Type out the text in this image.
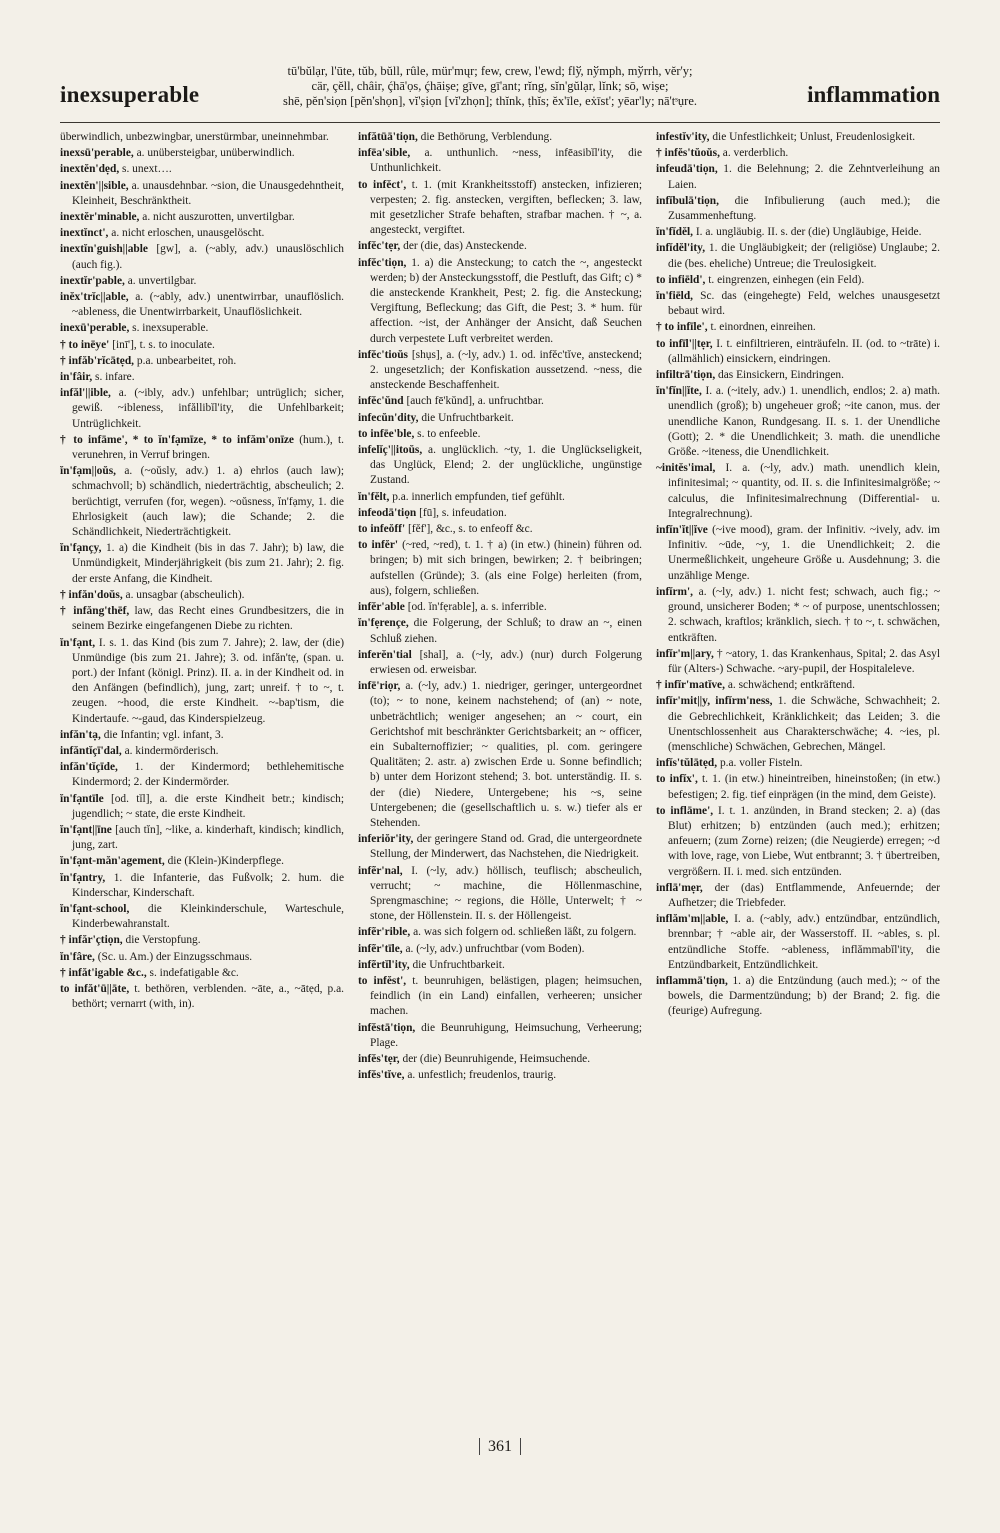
inexsuperable
tū'bŭlạr, l'ūte, tŭb, bŭll, rûle, mür'mųr; few, crew, l'ewd; flў, nўmph, mўrrh, vĕr'y;
cär, çĕll, châir, ḉhā'ọs, ḉhāiṣe; gīve, gī'ant; rĭng, sĭn'gŭlạr, lĭnk; sō, wiṣe;
shē, pĕn'siọn [pĕn'shọn], vĭ'ṣiọn [vĭ'zhọn]; thĭnk, ṭhĭs; ĕx'īle, eẋīst'; yēar'ly; nā'tˢụre.	inflammation

überwindlich, unbezwingbar, unerstürmbar, uneinnehmbar.

inexsū'perable, a. unübersteigbar, unüberwindlich.

inextĕn'dẹd, s. unext….

inextĕn'||sible, a. unausdehnbar. ~sion, die Unausgedehntheit, Kleinheit, Beschränktheit.

inextĕr'minable, a. nicht auszurotten, unvertilgbar.

inextĭnct', a. nicht erloschen, unausgelöscht.

inextĭn'guish||able [gw], a. (~ably, adv.) unauslöschlich (auch fig.).

inextĭr'pable, a. unvertilgbar.

inĕx'trĭc||able, a. (~ably, adv.) unentwirrbar, unauflöslich. ~ableness, die Unentwirrbarkeit, Unauflöslichkeit.

inexū'perable, s. inexsuperable.

† to inēye' [inī'], t. s. to inoculate.

† infăb'rĭcātẹd, p.a. unbearbeitet, roh.

in'fâir, s. infare.

infăl'||ible, a. (~ibly, adv.) unfehlbar; untrüglich; sicher, gewiß. ~ibleness, infăllibĭl'ity, die Unfehlbarkeit; Untrüglichkeit.

† to infāme', * to ĭn'fạmīze, * to infăm'onīze (hum.), t. verunehren, in Verruf bringen.

ĭn'fạm||oŭs, a. (~oŭsly, adv.) 1. a) ehrlos (auch law); schmachvoll; b) schändlich, niederträchtig, abscheulich; 2. berüchtigt, verrufen (for, wegen). ~oŭsness, ĭn'fạmy, 1. die Ehrlosigkeit (auch law); die Schande; 2. die Schändlichkeit, Niederträchtigkeit.

ĭn'fạnçy, 1. a) die Kindheit (bis in das 7. Jahr); b) law, die Unmündigkeit, Minderjährigkeit (bis zum 21. Jahr); 2. fig. der erste Anfang, die Kindheit.

† infăn'doŭs, a. unsagbar (abscheulich).

† infăng'thēf, law, das Recht eines Grundbesitzers, die in seinem Bezirke eingefangenen Diebe zu richten.

ĭn'fạnt, I. s. 1. das Kind (bis zum 7. Jahre); 2. law, der (die) Unmündige (bis zum 21. Jahre); 3. od. infăn'tẹ, (span. u. port.) der Infant (königl. Prinz). II. a. in der Kindheit od. in den Anfängen (befindlich), jung, zart; unreif. † to ~, t. zeugen. ~hood, die erste Kindheit. ~-bap'tism, die Kindertaufe. ~-gaud, das Kinderspielzeug.

infăn'tạ, die Infantin; vgl. infant, 3.

infăntĭçī'dal, a. kindermörderisch.

infăn'tĭçīde, 1. der Kindermord; bethlehemitische Kindermord; 2. der Kindermörder.

ĭn'fạntīle [od. tĭl], a. die erste Kindheit betr.; kindisch; jugendlich; ~ state, die erste Kindheit.

ĭn'fạnt||īne [auch tĭn], ~like, a. kinderhaft, kindisch; kindlich, jung, zart.

ĭn'fạnt-măn'agement, die (Klein-)Kinderpflege.

ĭn'fạntry, 1. die Infanterie, das Fußvolk; 2. hum. die Kinderschar, Kinderschaft.

ĭn'fạnt-school, die Kleinkinderschule, Warteschule, Kinderbewahranstalt.

† infăr'çtiọn, die Verstopfung.

ĭn'fâre, (Sc. u. Am.) der Einzugsschmaus.

† infăt'igable &c., s. indefatigable &c.

to infăt'ū||āte, t. bethören, verblenden. ~āte, a., ~ātẹd, p.a. bethört; vernarrt (with, in).

infătūā'tiọn, die Bethörung, Verblendung.

infēa'sible, a. unthunlich. ~ness, infēasibĭl'ity, die Unthunlichkeit.

to infĕct', t. 1. (mit Krankheitsstoff) anstecken, infizieren; verpesten; 2. fig. anstecken, vergiften, beflecken; 3. law, mit gesetzlicher Strafe behaften, strafbar machen. † ~, a. angesteckt, vergiftet.

infĕc'tẹr, der (die, das) Ansteckende.

infĕc'tiọn, 1. a) die Ansteckung; to catch the ~, angesteckt werden; b) der Ansteckungsstoff, die Pestluft, das Gift; c) * die ansteckende Krankheit, Pest; 2. fig. die Ansteckung; Vergiftung, Befleckung; das Gift, die Pest; 3. * hum. für affection. ~ist, der Anhänger der Ansicht, daß Seuchen durch verpestete Luft verbreitet werden.

infĕc'tioŭs [shụs], a. (~ly, adv.) 1. od. infĕc'tĭve, ansteckend; 2. ungesetzlich; der Konfiskation aussetzend. ~ness, die ansteckende Beschaffenheit.

infĕc'ŭnd [auch fē'kŭnd], a. unfruchtbar.

infecŭn'dity, die Unfruchtbarkeit.

to infēe'ble, s. to enfeeble.

infelĭç'||itoŭs, a. unglücklich. ~ty, 1. die Unglückseligkeit, das Unglück, Elend; 2. der unglückliche, ungünstige Zustand.

ĭn'fĕlt, p.a. innerlich empfunden, tief gefühlt.

infeodā'tiọn [fū], s. infeudation.

to infeŏff' [fĕf'], &c., s. to enfeoff &c.

to infĕr' (~red, ~red), t. 1. † a) (in etw.) (hinein) führen od. bringen; b) mit sich bringen, bewirken; 2. † beibringen; aufstellen (Gründe); 3. (als eine Folge) herleiten (from, aus), folgern, schließen.

infĕr'able [od. ĭn'fẹrable], a. s. inferrible.

ĭn'fẹrençe, die Folgerung, der Schluß; to draw an ~, einen Schluß ziehen.

inferĕn'tial [shal], a. (~ly, adv.) (nur) durch Folgerung erwiesen od. erweisbar.

infē'riọr, a. (~ly, adv.) 1. niedriger, geringer, untergeordnet (to); ~ to none, keinem nachstehend; of (an) ~ note, unbeträchtlich; weniger angesehen; an ~ court, ein Gerichtshof mit beschränkter Gerichtsbarkeit; an ~ officer, ein Subalternoffizier; ~ qualities, pl. com. geringere Qualitäten; 2. astr. a) zwischen Erde u. Sonne befindlich; b) unter dem Horizont stehend; 3. bot. unterständig. II. s. der (die) Niedere, Untergebene; his ~s, seine Untergebenen; die (gesellschaftlich u. s. w.) tiefer als er Stehenden.

inferiŏr'ity, der geringere Stand od. Grad, die untergeordnete Stellung, der Minderwert, das Nachstehen, die Niedrigkeit.

infẽr'nal, I. (~ly, adv.) höllisch, teuflisch; abscheulich, verrucht; ~ machine, die Höllenmaschine, Sprengmaschine; ~ regions, die Hölle, Unterwelt; † ~ stone, der Höllenstein. II. s. der Höllengeist.

infẽr'rible, a. was sich folgern od. schließen läßt, zu folgern.

infẽr'tīle, a. (~ly, adv.) unfruchtbar (vom Boden).

infẽrtĭl'ity, die Unfruchtbarkeit.

to infĕst', t. beunruhigen, belästigen, plagen; heimsuchen, feindlich (in ein Land) einfallen, verheeren; unsicher machen.

infĕstā'tiọn, die Beunruhigung, Heimsuchung, Verheerung; Plage.

infĕs'tẹr, der (die) Beunruhigende, Heimsuchende.

infĕs'tĭve, a. unfestlich; freudenlos, traurig.

infestĭv'ity, die Unfestlichkeit; Unlust, Freudenlosigkeit.

† infĕs'tŭoŭs, a. verderblich.

infeudā'tiọn, 1. die Belehnung; 2. die Zehntverleihung an Laien.

infĭbulā'tiọn, die Infibulierung (auch med.); die Zusammenheftung.

ĭn'fĭdĕl, I. a. ungläubig. II. s. der (die) Ungläubige, Heide.

infĭdĕl'ity, 1. die Ungläubigkeit; der (religiöse) Unglaube; 2. die (bes. eheliche) Untreue; die Treulosigkeit.

to infiēld', t. eingrenzen, einhegen (ein Feld).

ĭn'fiēld, Sc. das (eingehegte) Feld, welches unausgesetzt bebaut wird.

† to infīle', t. einordnen, einreihen.

to infīl'||tẹr, I. t. einfiltrieren, einträufeln. II. (od. to ~trāte) i. (allmählich) einsickern, eindringen.

infiltrā'tiọn, das Einsickern, Eindringen.

ĭn'fĭn||ĭte, I. a. (~itely, adv.) 1. unendlich, endlos; 2. a) math. unendlich (groß); b) ungeheuer groß; ~ite canon, mus. der unendliche Kanon, Rundgesang. II. s. 1. der Unendliche (Gott); 2. * die Unendlichkeit; 3. math. die unendliche Größe. ~iteness, die Unendlichkeit.

~initĕs'imal, I. a. (~ly, adv.) math. unendlich klein, infinitesimal; ~ quantity, od. II. s. die Infinitesimalgröße; ~ calculus, die Infinitesimalrechnung (Differential- u. Integralrechnung).

infĭn'ĭt||ĭve (~ive mood), gram. der Infinitiv. ~ively, adv. im Infinitiv. ~ūde, ~y, 1. die Unendlichkeit; 2. die Unermeßlichkeit, ungeheure Größe u. Ausdehnung; 3. die unzählige Menge.

infĭrm', a. (~ly, adv.) 1. nicht fest; schwach, auch fig.; ~ ground, unsicherer Boden; * ~ of purpose, unentschlossen; 2. schwach, kraftlos; kränklich, siech. † to ~, t. schwächen, entkräften.

infĭr'm||ary, † ~atory, 1. das Krankenhaus, Spital; 2. das Asyl für (Alters-) Schwache. ~ary-pupil, der Hospitaleleve.

† infĭr'matĭve, a. schwächend; entkräftend.

infĭr'mit||y, infĭrm'ness, 1. die Schwäche, Schwachheit; 2. die Gebrechlichkeit, Kränklichkeit; das Leiden; 3. die Unentschlossenheit aus Charakterschwäche; 4. ~ies, pl. (menschliche) Schwächen, Gebrechen, Mängel.

infĭs'tŭlātẹd, p.a. voller Fisteln.

to infĭx', t. 1. (in etw.) hineintreiben, hineinstoßen; (in etw.) befestigen; 2. fig. tief einprägen (in the mind, dem Geiste).

to inflāme', I. t. 1. anzünden, in Brand stecken; 2. a) (das Blut) erhitzen; b) entzünden (auch med.); erhitzen; anfeuern; (zum Zorne) reizen; (die Neugierde) erregen; ~d with love, rage, von Liebe, Wut entbrannt; 3. † übertreiben, vergrößern. II. i. med. sich entzünden.

inflā'mẹr, der (das) Entflammende, Anfeuernde; der Aufhetzer; die Triebfeder.

inflăm'm||able, I. a. (~ably, adv.) entzündbar, entzündlich, brennbar; † ~able air, der Wasserstoff. II. ~ables, s. pl. entzündliche Stoffe. ~ableness, inflămmabĭl'ity, die Entzündbarkeit, Entzündlichkeit.

inflammā'tiọn, 1. a) die Entzündung (auch med.); ~ of the bowels, die Darmentzündung; b) der Brand; 2. fig. die (feurige) Aufregung.

361
